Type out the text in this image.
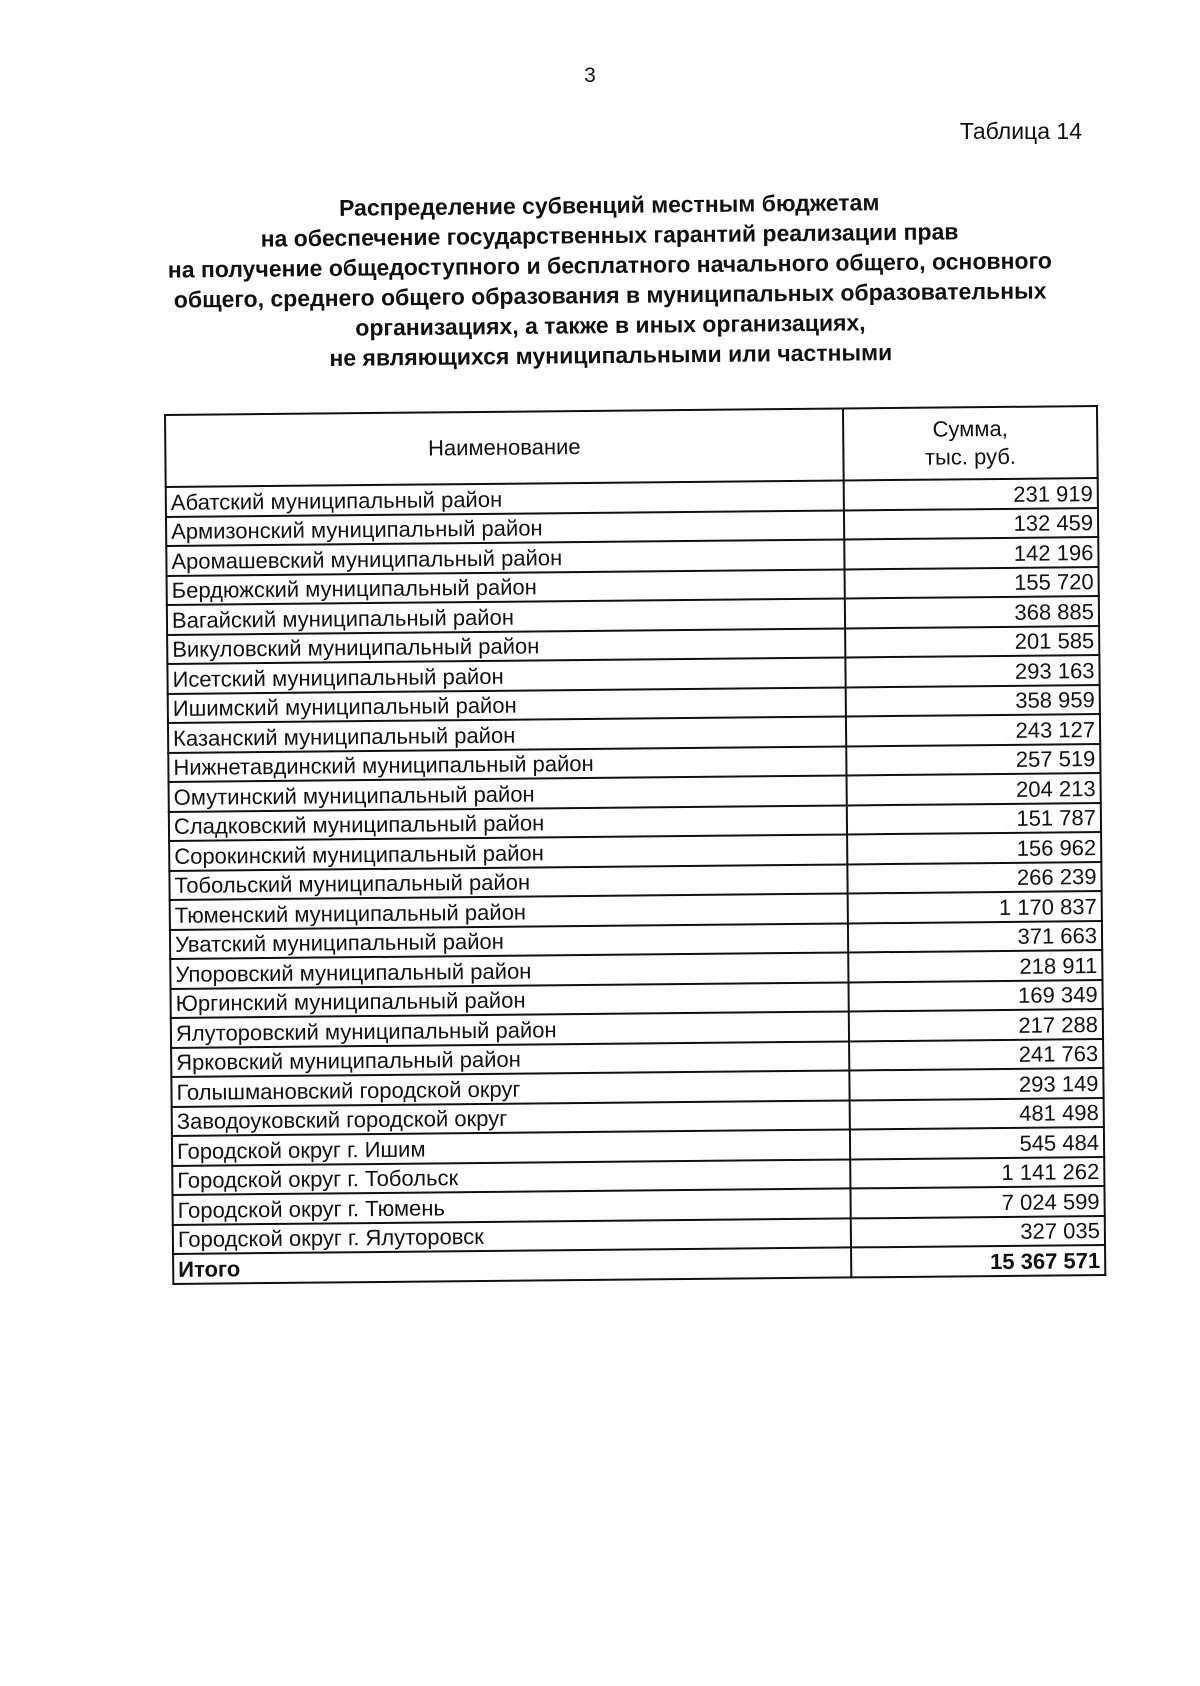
3
Таблица 14
Распределение субвенций местным бюджетам
на обеспечение государственных гарантий реализации прав
на получение общедоступного и бесплатного начального общего, основного
общего, среднего общего образования в муниципальных образовательных
организациях, а также в иных организациях,
не являющихся муниципальными или частными
Наименование	Сумма,
тыс. руб.

Абатский муниципальный район	231 919
Армизонский муниципальный район	132 459
Аромашевский муниципальный район	142 196
Бердюжский муниципальный район	155 720
Вагайский муниципальный район	368 885
Викуловский муниципальный район	201 585
Исетский муниципальный район	293 163
Ишимский муниципальный район	358 959
Казанский муниципальный район	243 127
Нижнетавдинский муниципальный район	257 519
Омутинский муниципальный район	204 213
Сладковский муниципальный район	151 787
Сорокинский муниципальный район	156 962
Тобольский муниципальный район	266 239
Тюменский муниципальный район	1 170 837
Уватский муниципальный район	371 663
Упоровский муниципальный район	218 911
Юргинский муниципальный район	169 349
Ялуторовский муниципальный район	217 288
Ярковский муниципальный район	241 763
Голышмановский городской округ	293 149
Заводоуковский городской округ	481 498
Городской округ г. Ишим	545 484
Городской округ г. Тобольск	1 141 262
Городской округ г. Тюмень	7 024 599
Городской округ г. Ялуторовск	327 035
Итого	15 367 571
